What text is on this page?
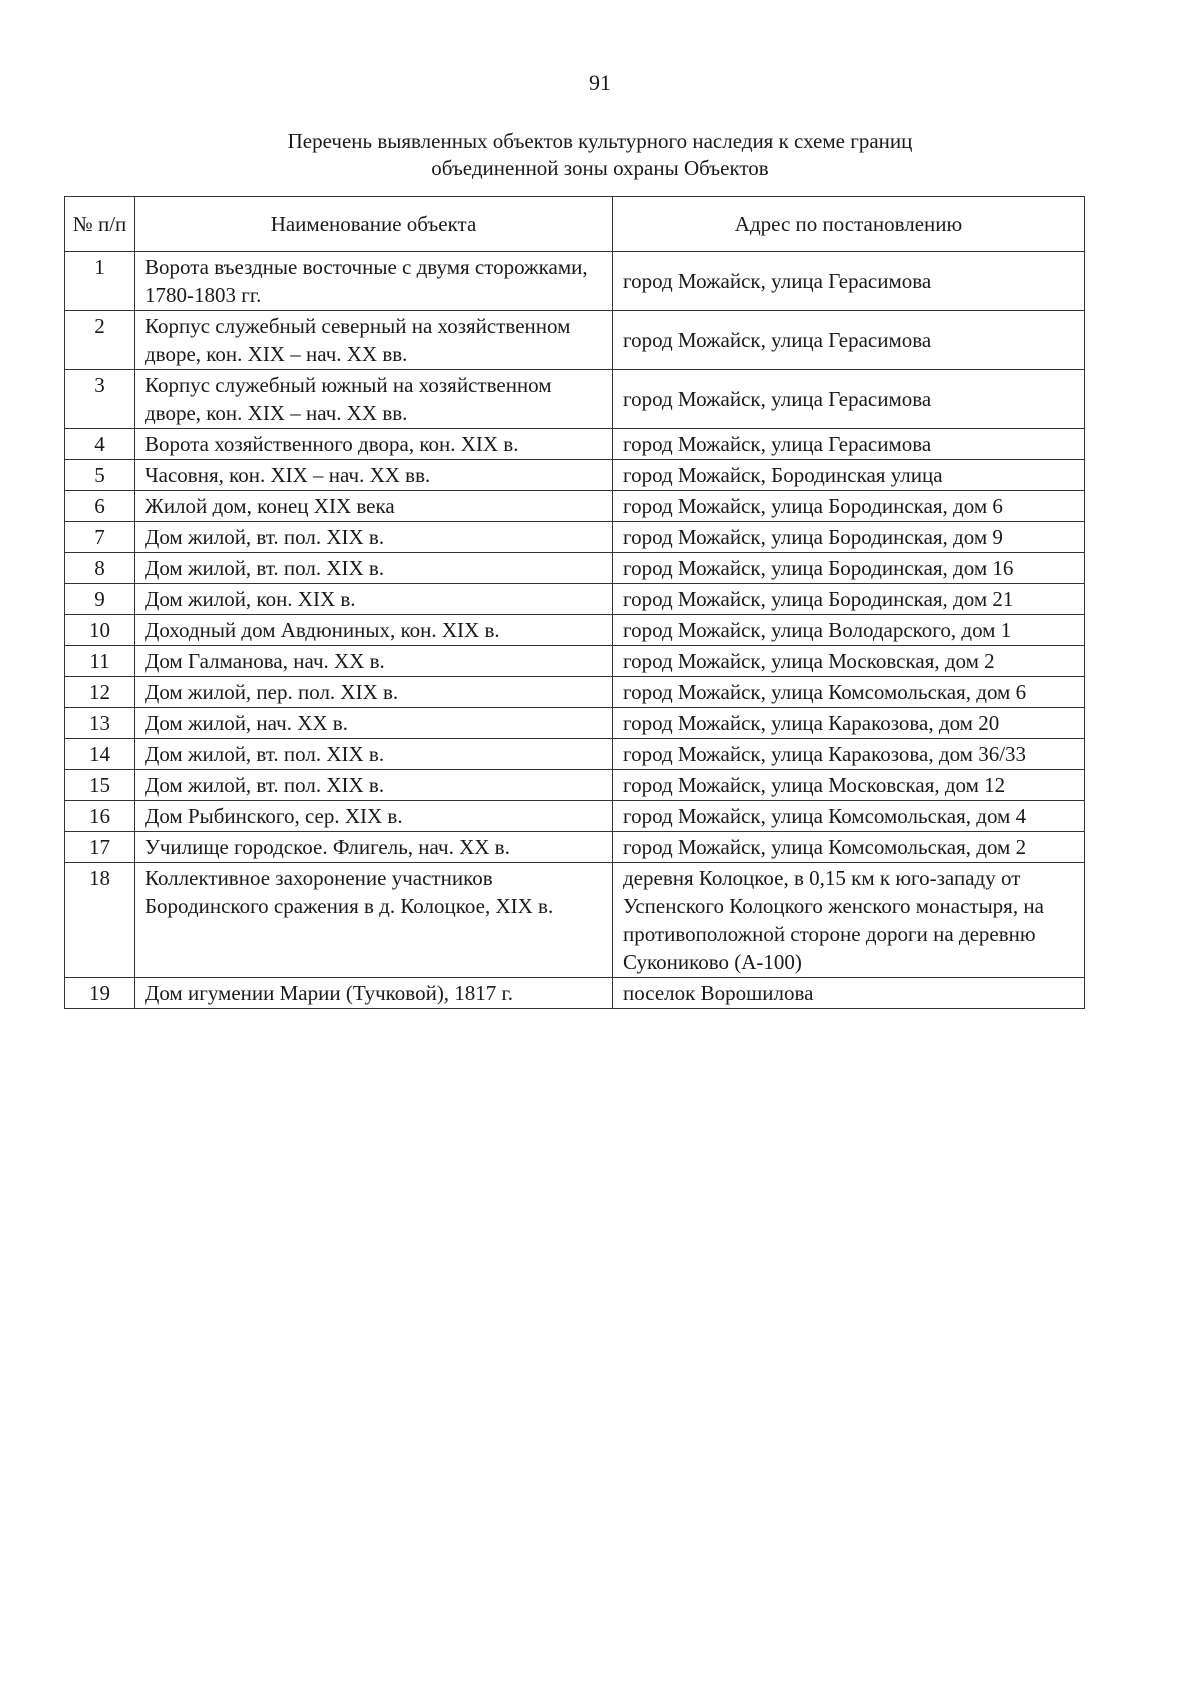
91
Перечень выявленных объектов культурного наследия к схеме границ
объединенной зоны охраны Объектов
№ п/п	Наименование объекта	Адрес по постановлению
1	Ворота въездные восточные с двумя сторожками, 1780-1803 гг.	город Можайск, улица Герасимова
2	Корпус служебный северный на хозяйственном дворе, кон. XIX – нач. XX вв.	город Можайск, улица Герасимова
3	Корпус служебный южный на хозяйственном дворе, кон. XIX – нач. XX вв.	город Можайск, улица Герасимова
4	Ворота хозяйственного двора, кон. XIX в.	город Можайск, улица Герасимова
5	Часовня, кон. XIX – нач. XX вв.	город Можайск, Бородинская улица
6	Жилой дом, конец XIX века	город Можайск, улица Бородинская, дом 6
7	Дом жилой, вт. пол. XIX в.	город Можайск, улица Бородинская, дом 9
8	Дом жилой, вт. пол. XIX в.	город Можайск, улица Бородинская, дом 16
9	Дом жилой, кон. XIX в.	город Можайск, улица Бородинская, дом 21
10	Доходный дом Авдюниных, кон. XIX в.	город Можайск, улица Володарского, дом 1
11	Дом Галманова, нач. XX в.	город Можайск, улица Московская, дом 2
12	Дом жилой, пер. пол. XIX в.	город Можайск, улица Комсомольская, дом 6
13	Дом жилой, нач. XX в.	город Можайск, улица Каракозова, дом 20
14	Дом жилой, вт. пол. XIX в.	город Можайск, улица Каракозова, дом 36/33
15	Дом жилой, вт. пол. XIX в.	город Можайск, улица Московская, дом 12
16	Дом Рыбинского, сер. XIX в.	город Можайск, улица Комсомольская, дом 4
17	Училище городское. Флигель, нач. XX в.	город Можайск, улица Комсомольская, дом 2
18	Коллективное захоронение участников Бородинского сражения в д. Колоцкое, XIX в.	деревня Колоцкое, в 0,15 км к юго-западу от Успенского Колоцкого женского монастыря, на противоположной стороне дороги на деревню Сукониково (А-100)
19	Дом игумении Марии (Тучковой), 1817 г.	поселок Ворошилова
